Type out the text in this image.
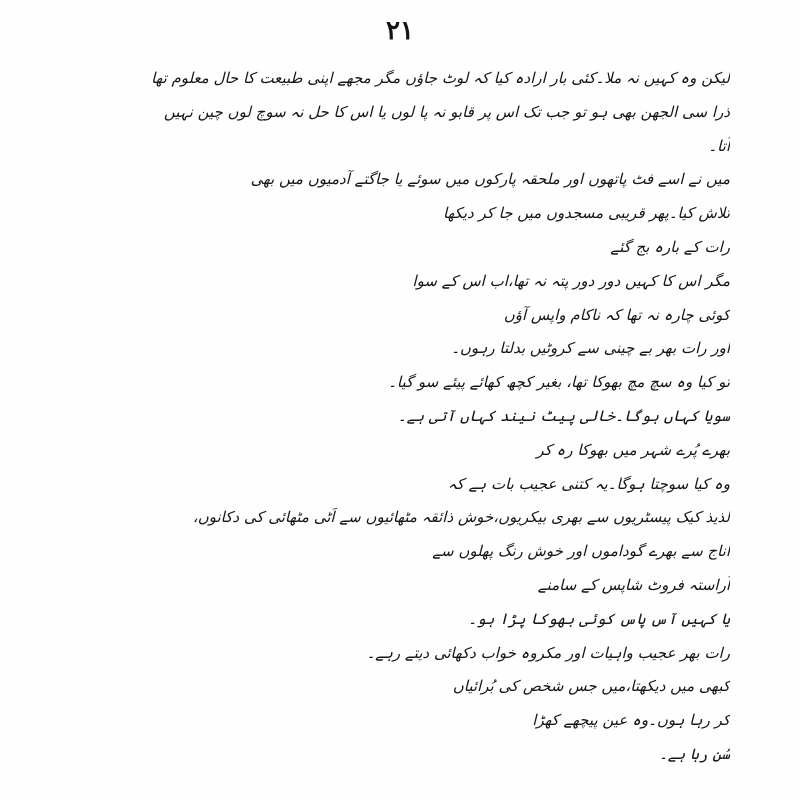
۲۱
لیکن وہ کہیں نہ ملا۔کئی بار ارادہ کیا کہ لوٹ جاؤں مگر مجھے اپنی طبیعت کا حال معلوم تھا
ذرا سی الجھن بھی ہو تو جب تک اس پر قابو نہ پا لوں یا اس کا حل نہ سوچ لوں چین نہیں
آتا۔
میں نے اسے فٹ پاتھوں اور ملحقہ پارکوں میں سوئے یا جاگتے آدمیوں میں بھی
تلاش کیا۔پھر قریبی مسجدوں میں جا کر دیکھا
رات کے بارہ بج گئے
مگر اس کا کہیں دور دور پتہ نہ تھا،اب اس کے سوا
کوئی چارہ نہ تھا کہ ناکام واپس آؤں
اور رات بھر بے چینی سے کروٹیں بدلتا رہوں۔
تو کیا وہ سچ مچ بھوکا تھا، بغیر کچھ کھائے پیئے سو گیا۔
سویا کہاں ہوگا۔خالی پیٹ نیند کہاں آتی ہے۔
بھرے پُرے شہر میں بھوکا رہ کر
وہ کیا سوچتا ہوگا۔یہ کتنی عجیب بات ہے کہ
لذیذ کیک پیسٹریوں سے بھری بیکریوں،خوش ذائقہ مٹھائیوں سے اَٹی مٹھائی کی دکانوں،
اناج سے بھرے گوداموں اور خوش رنگ پھلوں سے
آراستہ فروٹ شاپس کے سامنے
یا کہیں آس پاس کوئی بھوکا پڑا ہو۔
رات بھر عجیب واہیات اور مکروہ خواب دکھائی دیتے رہے۔
کبھی میں دیکھتا،میں جس شخص کی بُرائیاں
کر رہا ہوں۔وہ عین پیچھے کھڑا
سُن رہا ہے۔
